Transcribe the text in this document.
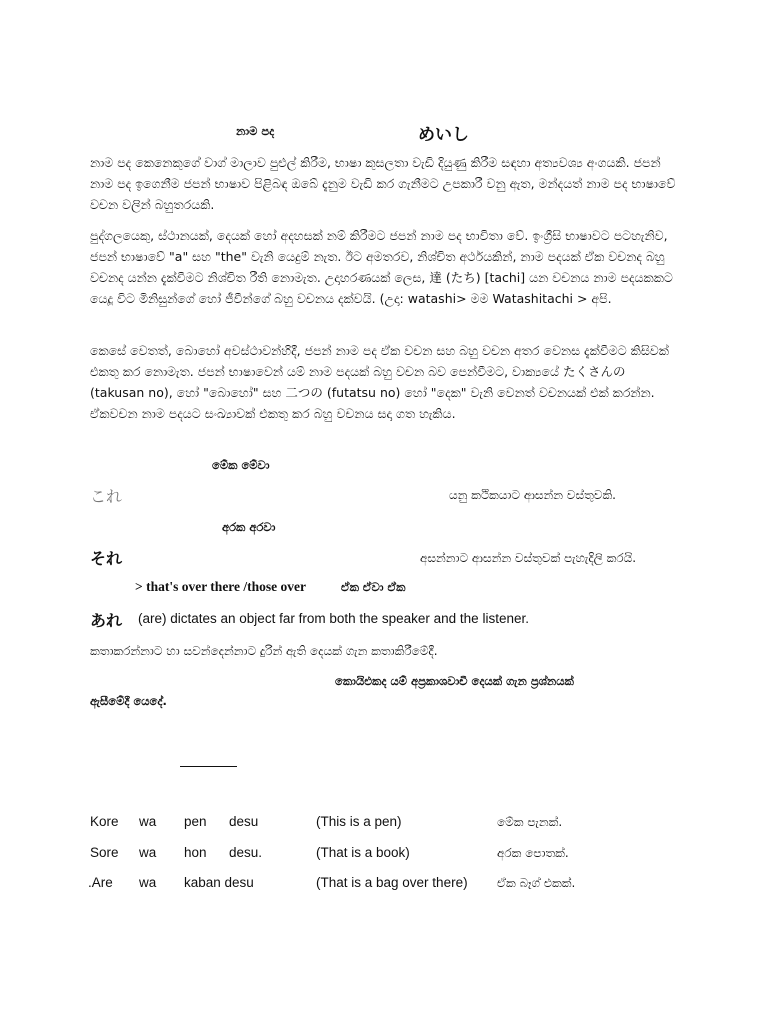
නාම පද	めいし
නාම පද කෙනෙකුගේ වාග් මාලාව පුළුල් කිරීම, භාෂා කුසලතා වැඩි දියුණු කිරීම සඳහා අත්‍යවශ්‍ය අංගයකි. ජපන් නාම පද ඉගෙනීම ජපන් භාෂාව පිළිබඳ ඔබේ දැනුම වැඩි කර ගැනීමට උපකාරී වනු ඇත, මන්දයත් නාම පද භාෂාවේ වචන වලින් බහුතරයකි.
පුද්ගලයෙකු, ස්ථානයක්, දෙයක් හෝ අදහසක් නම් කිරීමට ජපන් නාම පද භාවිතා වේ. ඉංග්‍රීසි භාෂාවට පටහැනිව, ජපන් භාෂාවේ "a" සහ "the" වැනි යෙදුම් නැත. ඊට අමතරව, නිශ්චිත අර්ථයකින්, නාම පදයක් ඒක වචනද බහු වචනද යන්න දැක්වීමට නිශ්චිත රීති නොමැත. උදාහරණයක් ලෙස, 達 (たち) [tachi] යන වචනය නාම පදයකකට යෙදූ විට මිනිසුන්ගේ හෝ ජීවීන්ගේ බහු වචනය දක්වයි. (උදා: watashi> මම Watashitachi > අපි.
කෙසේ වෙතත්, බොහෝ අවස්ථාවන්හිදී, ජපන් නාම පද ඒක වචන සහ බහු වචන අතර වෙනස දැක්වීමට කිසිවක් එකතු කර නොමැත. ජපන් භාෂාවෙන් යම් නාම පදයක් බහු වචන බව පෙන්වීමට, වාක්‍යයේ たくさんの (takusan no), හෝ "බොහෝ" සහ 二つの (futatsu no) හෝ "දෙක" වැනි වෙනත් වචනයක් එක් කරන්න. ඒකවචන නාම පදයට සංඛ්‍යාවක් එකතු කර බහු වචනය සදා ගත හැකිය.
මේක මේවා
これ	යනු කථිකයාට ආසන්න වස්තුවකි.
අරක අරවා
それ	අසන්නාට ආසන්න වස්තුවක් පැහැදිලි කරයි.
> that's over there /those over	ඒක ඒවා ඒක
あれ (are) dictates an object far from both the speaker and the listener.
කතාකරන්නාට හා සවන්දෙන්නාට දුරින් ඇති දෙයක් ගැන කතාකිරීමේදී.
කොයිඑකද යම් අප්‍රකාශවාචී දෙයක් ගැන ප්‍රශ්නයක්
ඇසීමේදී යෙදේ.
Kore wa pen desu	(This is a pen)	මේක පැනක්.
Sore wa hon desu.	(That is a book)	අරක පොතක්.
.Are wa kaban desu	(That is a bag over there) ඒක බෑග් එකක්.
